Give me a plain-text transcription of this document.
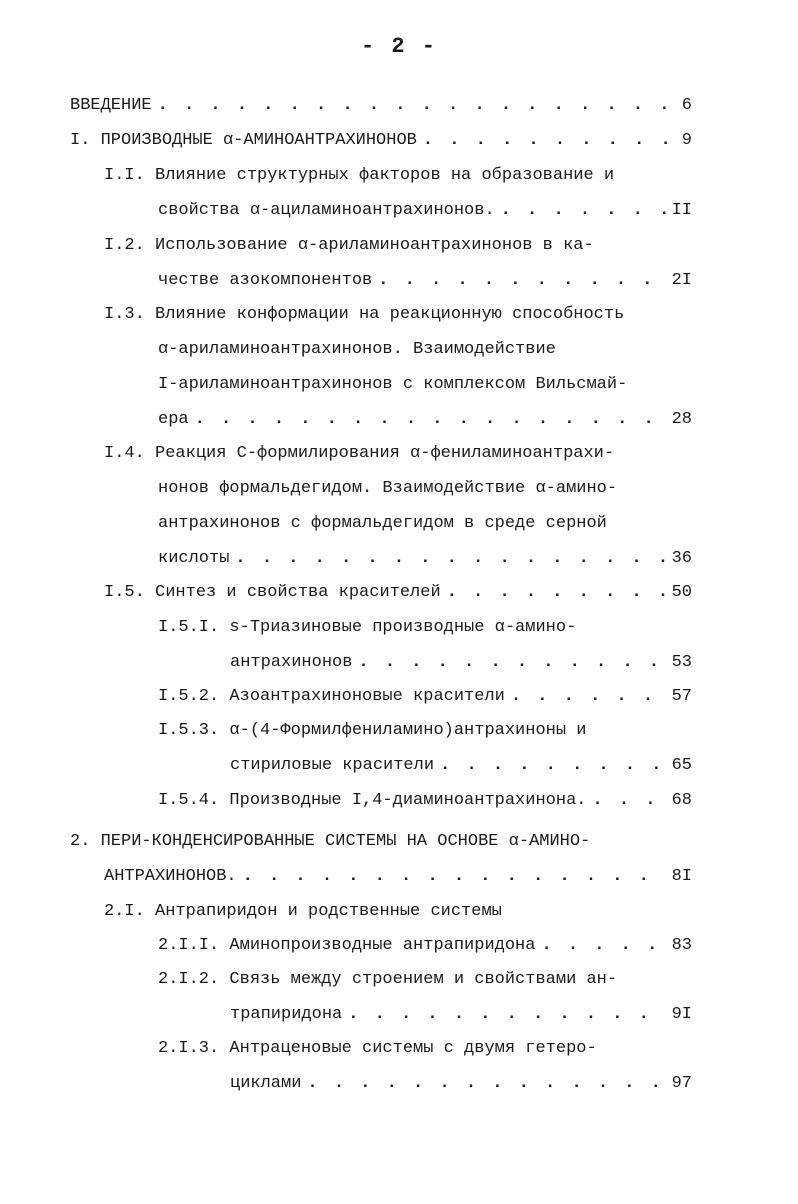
- 2 -
ВВЕДЕНИЕ . . .	6
I. ПРОИЗВОДНЫЕ α-АМИНОАНТРАХИНОНОВ . . .	9
I.I. Влияние структурных факторов на образование и
свойства α-ациламиноантрахинонов. . . .	II
I.2. Использование α-ариламиноантрахинонов в ка-
честве азокомпонентов . . .	2I
I.3. Влияние конформации на реакционную способность
α-ариламиноантрахинонов. Взаимодействие
I-ариламиноантрахинонов с комплексом Вильсмай-
ера . . .	28
I.4. Реакция С-формилирования α-фениламиноантрахи-
нонов формальдегидом. Взаимодействие α-амино-
антрахинонов с формальдегидом в среде серной
кислоты . . .	36
I.5. Синтез и свойства красителей . . .	50
I.5.I. s-Триазиновые производные α-амино-
антрахинонов . . .	53
I.5.2. Азоантрахиноновые красители . . .	57
I.5.3. α-(4-Формилфениламино)антрахиноны и
стириловые красители . . .	65
I.5.4. Производные I,4-диаминоантрахинона. . . .	68
2. ПЕРИ-КОНДЕНСИРОВАННЫЕ СИСТЕМЫ НА ОСНОВЕ α-АМИНО-
АНТРАХИНОНОВ. . . .	8I
2.I. Антрапиридон и родственные системы
2.I.I. Аминопроизводные антрапиридона . . .	83
2.I.2. Связь между строением и свойствами ан-
трапиридона . . .	9I
2.I.3. Антраценовые системы с двумя гетеро-
циклами . . .	97
